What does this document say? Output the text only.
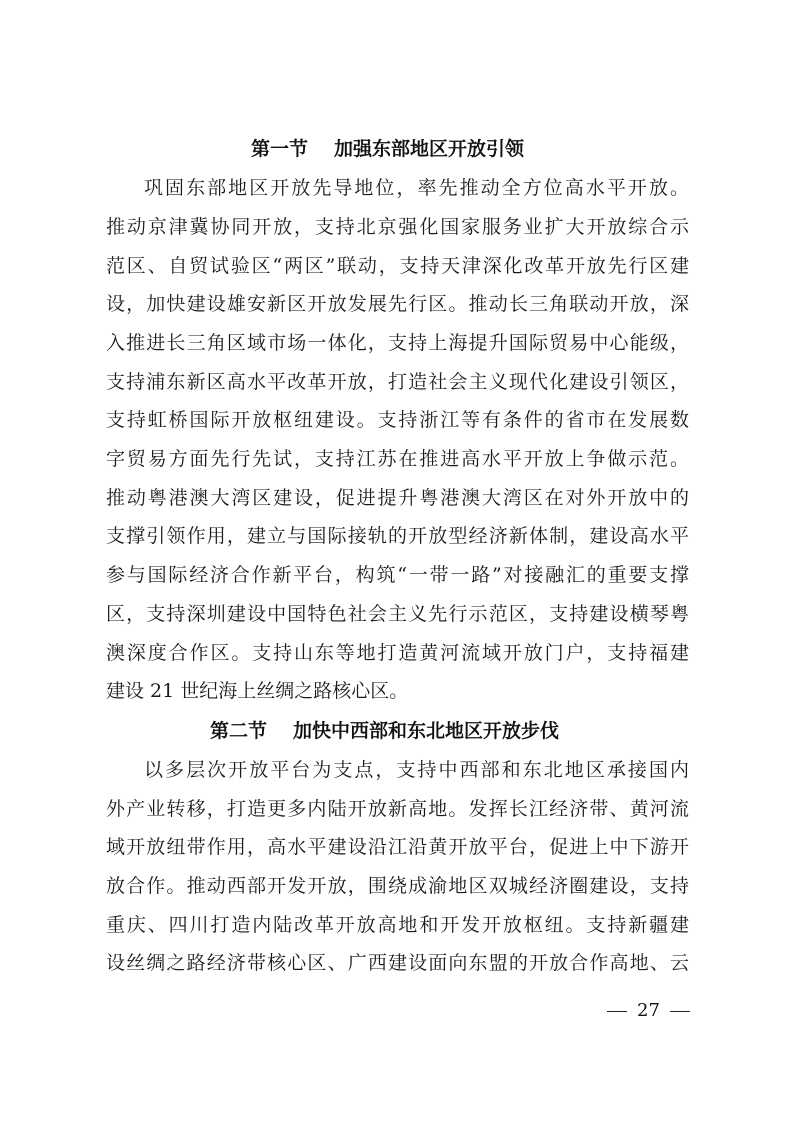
第一节 加强东部地区开放引领
巩固东部地区开放先导地位，率先推动全方位高水平开放。
推动京津冀协同开放，支持北京强化国家服务业扩大开放综合示
范区、自贸试验区“两区”联动，支持天津深化改革开放先行区建
设，加快建设雄安新区开放发展先行区。推动长三角联动开放，深
入推进长三角区域市场一体化，支持上海提升国际贸易中心能级，
支持浦东新区高水平改革开放，打造社会主义现代化建设引领区，
支持虹桥国际开放枢纽建设。支持浙江等有条件的省市在发展数
字贸易方面先行先试，支持江苏在推进高水平开放上争做示范。
推动粤港澳大湾区建设，促进提升粤港澳大湾区在对外开放中的
支撑引领作用，建立与国际接轨的开放型经济新体制，建设高水平
参与国际经济合作新平台，构筑“一带一路”对接融汇的重要支撑
区，支持深圳建设中国特色社会主义先行示范区，支持建设横琴粤
澳深度合作区。支持山东等地打造黄河流域开放门户，支持福建
建设 21 世纪海上丝绸之路核心区。
第二节 加快中西部和东北地区开放步伐
以多层次开放平台为支点，支持中西部和东北地区承接国内
外产业转移，打造更多内陆开放新高地。发挥长江经济带、黄河流
域开放纽带作用，高水平建设沿江沿黄开放平台，促进上中下游开
放合作。推动西部开发开放，围绕成渝地区双城经济圈建设，支持
重庆、四川打造内陆改革开放高地和开发开放枢纽。支持新疆建
设丝绸之路经济带核心区、广西建设面向东盟的开放合作高地、云
27
